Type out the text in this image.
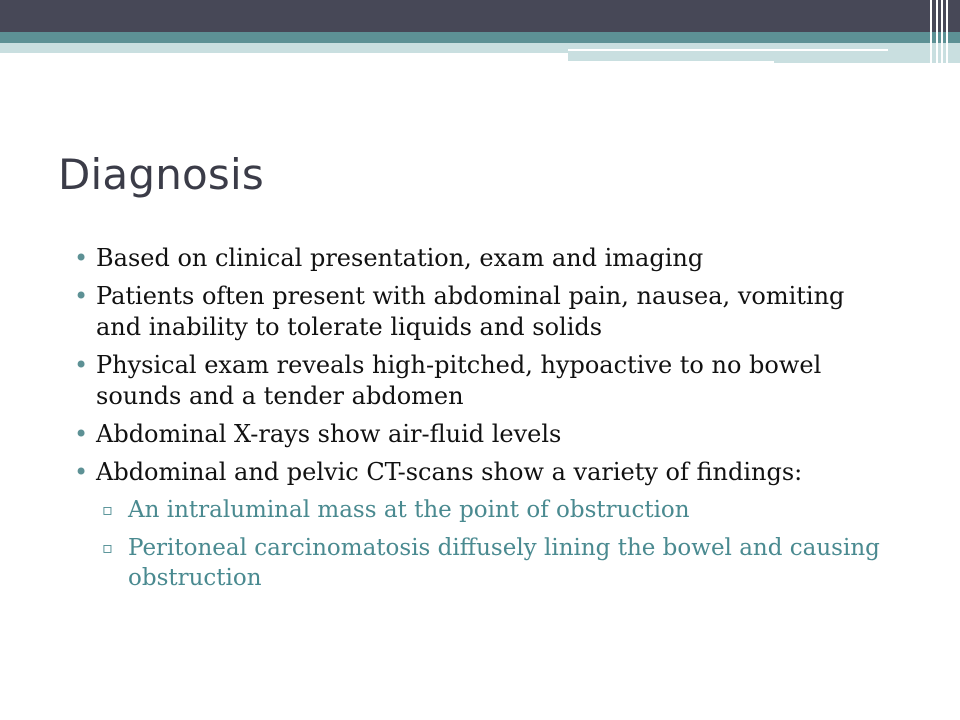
Diagnosis
• Based on clinical presentation, exam and imaging
• Patients often present with abdominal pain, nausea, vomiting and inability to tolerate liquids and solids
• Physical exam reveals high-pitched, hypoactive to no bowel sounds and a tender abdomen
• Abdominal X-rays show air-fluid levels
• Abdominal and pelvic CT-scans show a variety of findings:
▫ An intraluminal mass at the point of obstruction
▫ Peritoneal carcinomatosis diffusely lining the bowel and causing obstruction
